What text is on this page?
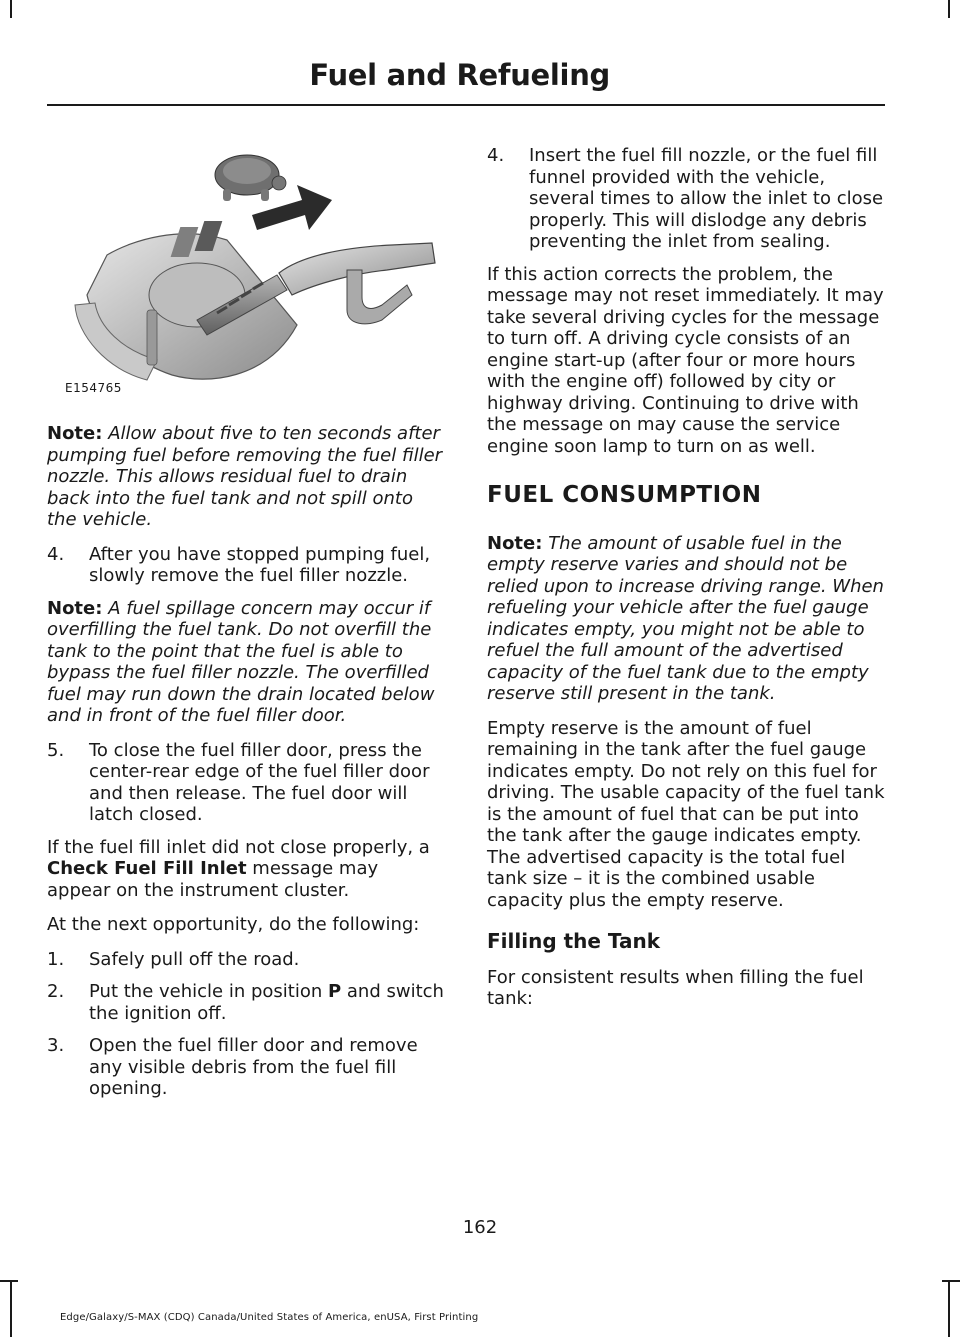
Fuel and Refueling
E154765

Note: Allow about five to ten seconds after pumping fuel before removing the fuel filler nozzle. This allows residual fuel to drain back into the fuel tank and not spill onto the vehicle.

4. After you have stopped pumping fuel, slowly remove the fuel filler nozzle.

Note: A fuel spillage concern may occur if overfilling the fuel tank. Do not overfill the tank to the point that the fuel is able to bypass the fuel filler nozzle. The overfilled fuel may run down the drain located below and in front of the fuel filler door.

5. To close the fuel filler door, press the center-rear edge of the fuel filler door and then release. The fuel door will latch closed.

If the fuel fill inlet did not close properly, a Check Fuel Fill Inlet message may appear on the instrument cluster.

At the next opportunity, do the following:

1. Safely pull off the road.
2. Put the vehicle in position P and switch the ignition off.
3. Open the fuel filler door and remove any visible debris from the fuel fill opening.
4. Insert the fuel fill nozzle, or the fuel fill funnel provided with the vehicle, several times to allow the inlet to close properly. This will dislodge any debris preventing the inlet from sealing.

If this action corrects the problem, the message may not reset immediately. It may take several driving cycles for the message to turn off. A driving cycle consists of an engine start-up (after four or more hours with the engine off) followed by city or highway driving. Continuing to drive with the message on may cause the service engine soon lamp to turn on as well.

FUEL CONSUMPTION

Note: The amount of usable fuel in the empty reserve varies and should not be relied upon to increase driving range. When refueling your vehicle after the fuel gauge indicates empty, you might not be able to refuel the full amount of the advertised capacity of the fuel tank due to the empty reserve still present in the tank.

Empty reserve is the amount of fuel remaining in the tank after the fuel gauge indicates empty. Do not rely on this fuel for driving. The usable capacity of the fuel tank is the amount of fuel that can be put into the tank after the gauge indicates empty. The advertised capacity is the total fuel tank size – it is the combined usable capacity plus the empty reserve.

Filling the Tank

For consistent results when filling the fuel tank:

162
Edge/Galaxy/S-MAX (CDQ) Canada/United States of America, enUSA, First Printing
